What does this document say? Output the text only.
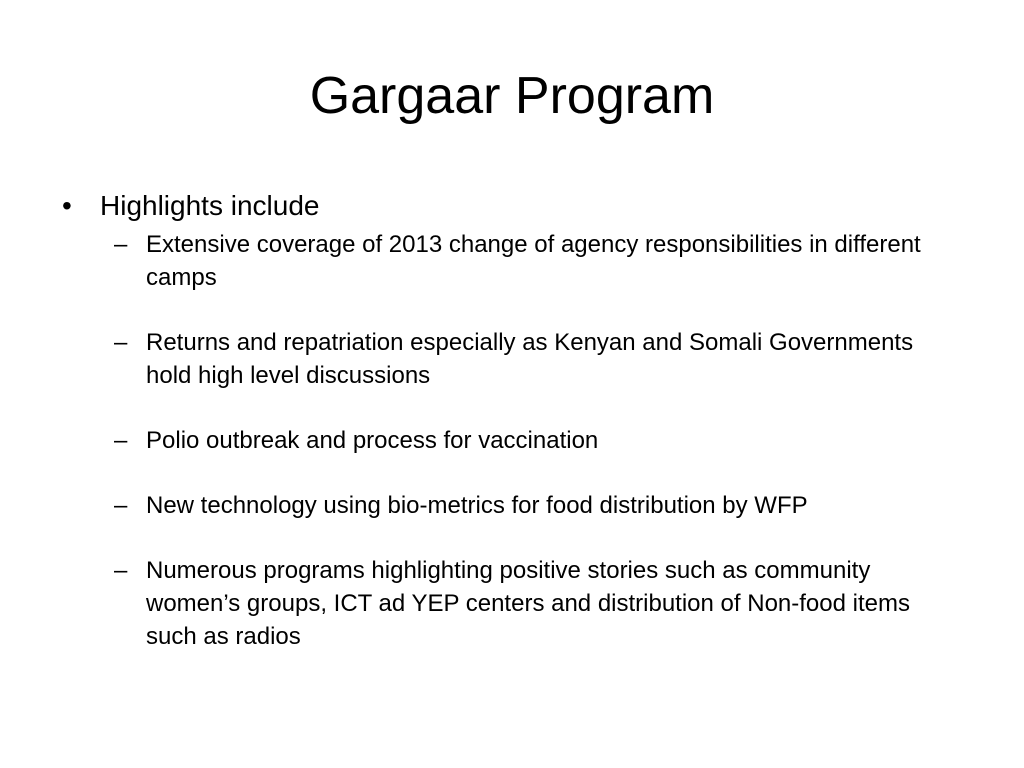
Gargaar Program
•	Highlights include
– Extensive coverage of 2013 change of agency responsibilities in different camps
– Returns and repatriation especially as Kenyan and Somali Governments hold high level discussions
– Polio outbreak and process for vaccination
– New technology using bio-metrics for food distribution by WFP
– Numerous programs highlighting positive stories such as community women’s groups, ICT ad YEP centers and distribution of Non-food items such as radios
